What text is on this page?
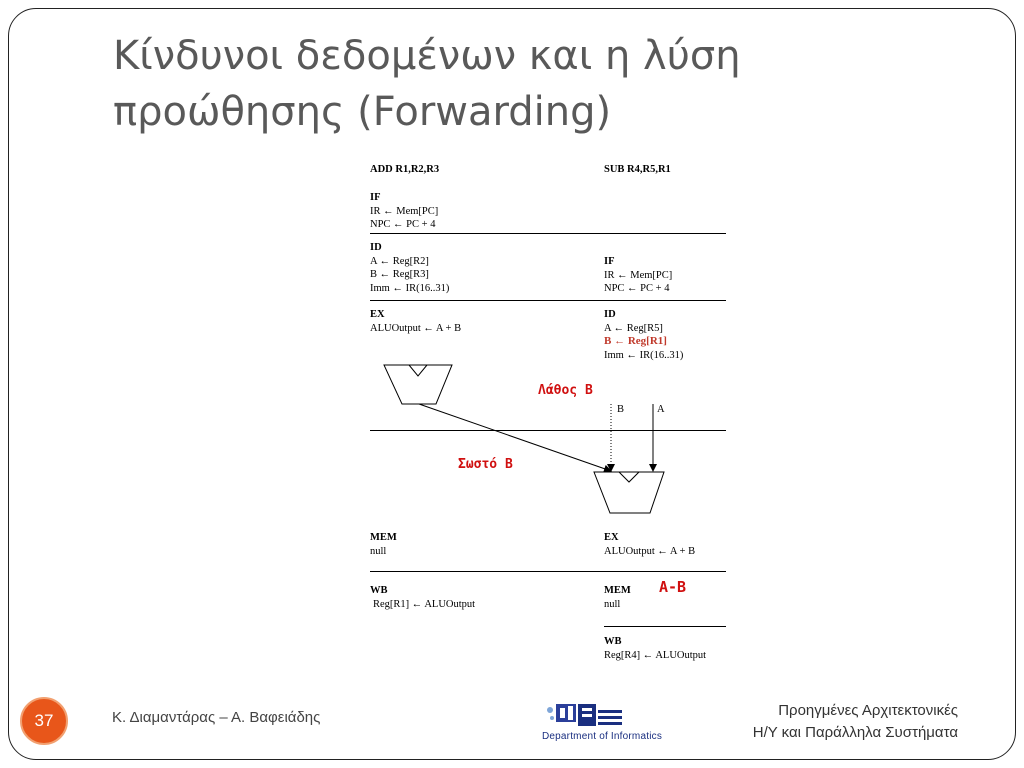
Κίνδυνοι δεδομένων και η λύση
προώθησης (Forwarding)
ADD R1,R2,R3	SUB R4,R5,R1
IF
IR ← Mem[PC]
NPC ← PC + 4
ID
A ← Reg[R2]
B ← Reg[R3]
Imm ← IR(16..31)
IF
IR ← Mem[PC]
NPC ← PC + 4
EX
ALUOutput ← A + B
ID
A ← Reg[R5]
B ← Reg[R1]
Imm ← IR(16..31)
B	A
Λάθος B
Σωστό B
MEM
null
EX
ALUOutput ← A + B
WB
Reg[R1] ← ALUOutput
MEM
null
A-B
WB
Reg[R4] ← ALUOutput
37	Κ. Διαμαντάρας – Α. Βαφειάδης
Department of Informatics
Προηγμένες Αρχιτεκτονικές
Η/Υ και Παράλληλα Συστήματα
